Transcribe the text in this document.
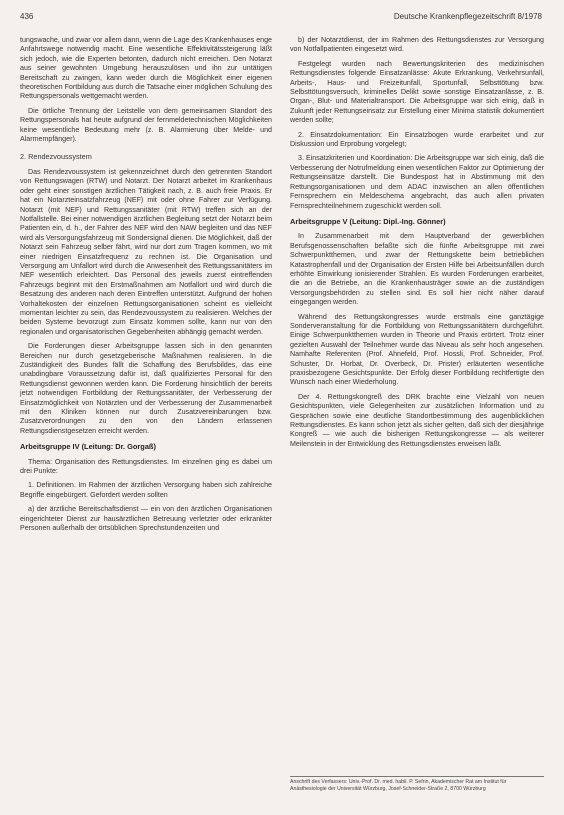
436	Deutsche Krankenpflegezeitschrift 8/1978

tungswache, und zwar vor allem dann, wenn die Lage des Krankenhauses enge Anfahrtswege notwendig macht. Eine wesentliche Effektivitätssteigerung läßt sich jedoch, wie die Experten betonten, dadurch nicht erreichen. Den Notarzt aus seiner gewohnten Umgebung herauszulösen und ihn zur untätigen Bereitschaft zu zwingen, kann weder durch die Möglichkeit einer eigenen theoretischen Fortbildung aus durch die Tatsache einer möglichen Schulung des Rettungspersonals wettgemacht werden.

Die örtliche Trennung der Leitstelle von dem gemeinsamen Standort des Rettungspersonals hat heute aufgrund der fernmeldetechnischen Möglichkeiten keine wesentliche Bedeutung mehr (z. B. Alarmierung über Melde- und Alarmempfänger).

2. Rendezvoussystem

Das Rendezvoussystem ist gekennzeichnet durch den getrennten Standort von Rettungswagen (RTW) und Notarzt. Der Notarzt arbeitet im Krankenhaus oder geht einer sonstigen ärztlichen Tätigkeit nach, z. B. auch freie Praxis. Er hat ein Notarzteinsatzfahrzeug (NEF) mit oder ohne Fahrer zur Verfügung. Notarzt (mit NEF) und Rettungssanitäter (mit RTW) treffen sich an der Notfallstelle. Bei einer notwendigen ärztlichen Begleitung setzt der Notarzt beim Patienten ein, d. h., der Fahrer des NEF wird den NAW begleiten und das NEF wird als Versorgungsfahrzeug mit Sondersignal dienen. Die Möglichkeit, daß der Notarzt sein Fahrzeug selber fährt, wird nur dort zum Tragen kommen, wo mit einer niedrigen Einsatzfrequenz zu rechnen ist. Die Organisation und Versorgung am Unfallort wird durch die Anwesenheit des Rettungssanitäters im NEF wesentlich erleichtert. Das Personal des jeweils zuerst eintreffenden Fahrzeugs beginnt mit den Erstmaßnahmen am Notfallort und wird durch die Besatzung des anderen nach deren Eintreffen unterstützt. Aufgrund der hohen Vorhaltekosten der einzelnen Rettungsorganisationen scheint es vielleicht momentan leichter zu sein, das Rendezvoussystem zu realisieren. Welches der beiden Systeme bevorzugt zum Einsatz kommen sollte, kann nur von den regionalen und organisatorischen Gegebenheiten abhängig gemacht werden.

Die Forderungen dieser Arbeitsgruppe lassen sich in den genannten Bereichen nur durch gesetzgeberische Maßnahmen realisieren. In die Zuständigkeit des Bundes fällt die Schaffung des Berufsbildes, das eine unabdingbare Voraussetzung dafür ist, daß qualifiziertes Personal für den Rettungsdienst gewonnen werden kann. Die Forderung hinsichtlich der bereits jetzt notwendigen Fortbildung der Rettungssanitäter, der Verbesserung der Einsatzmöglichkeit von Notärzten und der Verbesserung der Zusammenarbeit mit den Kliniken können nur durch Zusatzvereinbarungen bzw. Zusatzverordnungen zu den von den Ländern erlassenen Rettungsdienstgesetzen erreicht werden.

Arbeitsgruppe IV (Leitung: Dr. Gorgaß)

Thema: Organisation des Rettungsdienstes. Im einzelnen ging es dabei um drei Punkte:

1. Definitionen. Im Rahmen der ärztlichen Versorgung haben sich zahlreiche Begriffe eingebürgert. Gefordert werden sollten

a) der ärztliche Bereitschaftsdienst — ein von den ärztlichen Organisationen eingerichteter Dienst zur hausärztlichen Betreuung verletzter oder erkrankter Personen außerhalb der örtsüblichen Sprechstundenzeiten und

b) der Notarztdienst, der im Rahmen des Rettungsdienstes zur Versorgung von Notfallpatienten eingesetzt wird.

Festgelegt wurden nach Bewertungskriterien des medizinischen Rettungsdienstes folgende Einsatzanlässe: Akute Erkrankung, Verkehrsunfall, Arbeits-, Haus- und Freizeitunfall, Sportunfall, Selbsttötung bzw. Selbsttötungsversuch, kriminelles Delikt sowie sonstige Einsatzanlässe, z. B. Organ-, Blut- und Materialtransport. Die Arbeitsgruppe war sich einig, daß in Zukunft jeder Rettungseinsatz zur Erstellung einer Minima statistik dokumentiert werden sollte;

2. Einsatzdokumentation: Ein Einsatzbogen wurde erarbeitet und zur Diskussion und Erprobung vorgelegt;

3. Einsatzkriterien und Koordination: Die Arbeitsgruppe war sich einig, daß die Verbesserung der Notrufmeldung einen wesentlichen Faktor zur Optimierung der Rettungseinsätze darstellt. Die Bundespost hat in Abstimmung mit den Rettungsorganisationen und dem ADAC inzwischen an allen öffentlichen Fernsprechern ein Meldeschema angebracht, das auch allen privaten Fernsprechteilnehmern zugeschickt werden soll.

Arbeitsgruppe V (Leitung: Dipl.-Ing. Gönner)

In Zusammenarbeit mit dem Hauptverband der gewerblichen Berufsgenossenschaften befaßte sich die fünfte Arbeitsgruppe mit zwei Schwerpunktthemen, und zwar der Rettungskette beim betrieblichen Katastrophenfall und der Organisation der Ersten Hilfe bei Arbeitsunfällen durch erhöhte Einwirkung ionisierender Strahlen. Es wurden Forderungen erarbeitet, die an die Betriebe, an die Krankenhausträger sowie an die zuständigen Versorgungsbehörden zu stellen sind. Es soll hier nicht näher darauf eingegangen werden.

Während des Rettungskongresses wurde erstmals eine ganztägige Sonderveranstaltung für die Fortbildung von Rettungssanitätern durchgeführt. Einige Schwerpunktthemen wurden in Theorie und Praxis erörtert. Trotz einer gezielten Auswahl der Teilnehmer wurde das Niveau als sehr hoch angesehen. Namhafte Referenten (Prof. Ahnefeld, Prof. Hossli, Prof. Schneider, Prof. Schuster, Dr. Horbat, Dr. Overbeck, Dr. Prister) erläuterten wesentliche praxisbezogene Gesichtspunkte. Der Erfolg dieser Fortbildung rechtfertigte den Wunsch nach einer Wiederholung.

Der 4. Rettungskongreß des DRK brachte eine Vielzahl von neuen Gesichtspunkten, viele Gelegenheiten zur zusätzlichen Information und zu Gesprächen sowie eine deutliche Standortbestimmung des augenblicklichen Rettungsdienstes. Es kann schon jetzt als sicher gelten, daß sich der diesjährige Kongreß — wie auch die bisherigen Rettungskongresse — als weiterer Meilenstein in der Entwicklung des Rettungsdienstes erweisen läßt.

Anschrift des Verfassers: Univ.-Prof. Dr. med. habil. P. Sefrin, Akademischer Rat am Institut für Anästhesiologie der Universität Würzburg, Josef-Schneider-Straße 2, 8700 Würzburg
